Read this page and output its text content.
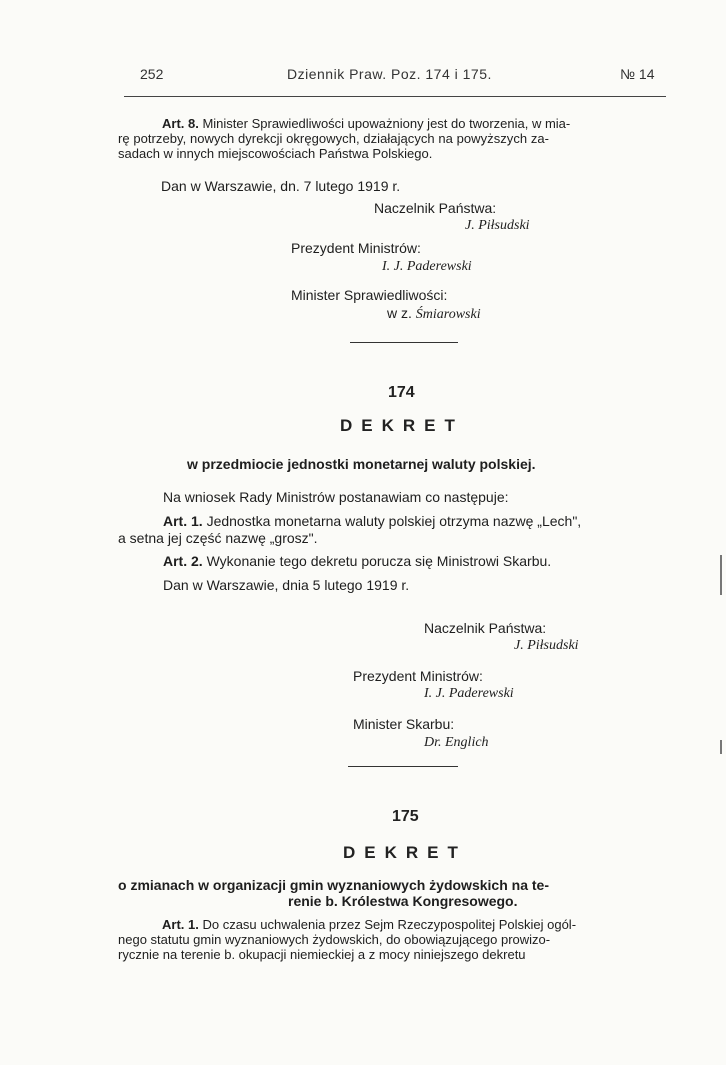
252	Dziennik Praw. Poz. 174 i 175.	№ 14
Art. 8. Minister Sprawiedliwości upoważniony jest do tworzenia, w mia-
rę potrzeby, nowych dyrekcji okręgowych, działających na powyższych za-
sadach w innych miejscowościach Państwa Polskiego.
Dan w Warszawie, dn. 7 lutego 1919 r.
Naczelnik Państwa:
J. Piłsudski
Prezydent Ministrów:
I. J. Paderewski
Minister Sprawiedliwości:
w z. Śmiarowski
174
DEKRET
w przedmiocie jednostki monetarnej waluty polskiej.
Na wniosek Rady Ministrów postanawiam co następuje:
Art. 1. Jednostka monetarna waluty polskiej otrzyma nazwę „Lech",
a setna jej część nazwę „grosz".
Art. 2. Wykonanie tego dekretu porucza się Ministrowi Skarbu.
Dan w Warszawie, dnia 5 lutego 1919 r.
Naczelnik Państwa:
J. Piłsudski
Prezydent Ministrów:
I. J. Paderewski
Minister Skarbu:
Dr. Englich
175
DEKRET
o zmianach w organizacji gmin wyznaniowych żydowskich na te-
renie b. Królestwa Kongresowego.
Art. 1. Do czasu uchwalenia przez Sejm Rzeczypospolitej Polskiej ogól-
nego statutu gmin wyznaniowych żydowskich, do obowiązującego prowizo-
rycznie na terenie b. okupacji niemieckiej a z mocy niniejszego dekretu
